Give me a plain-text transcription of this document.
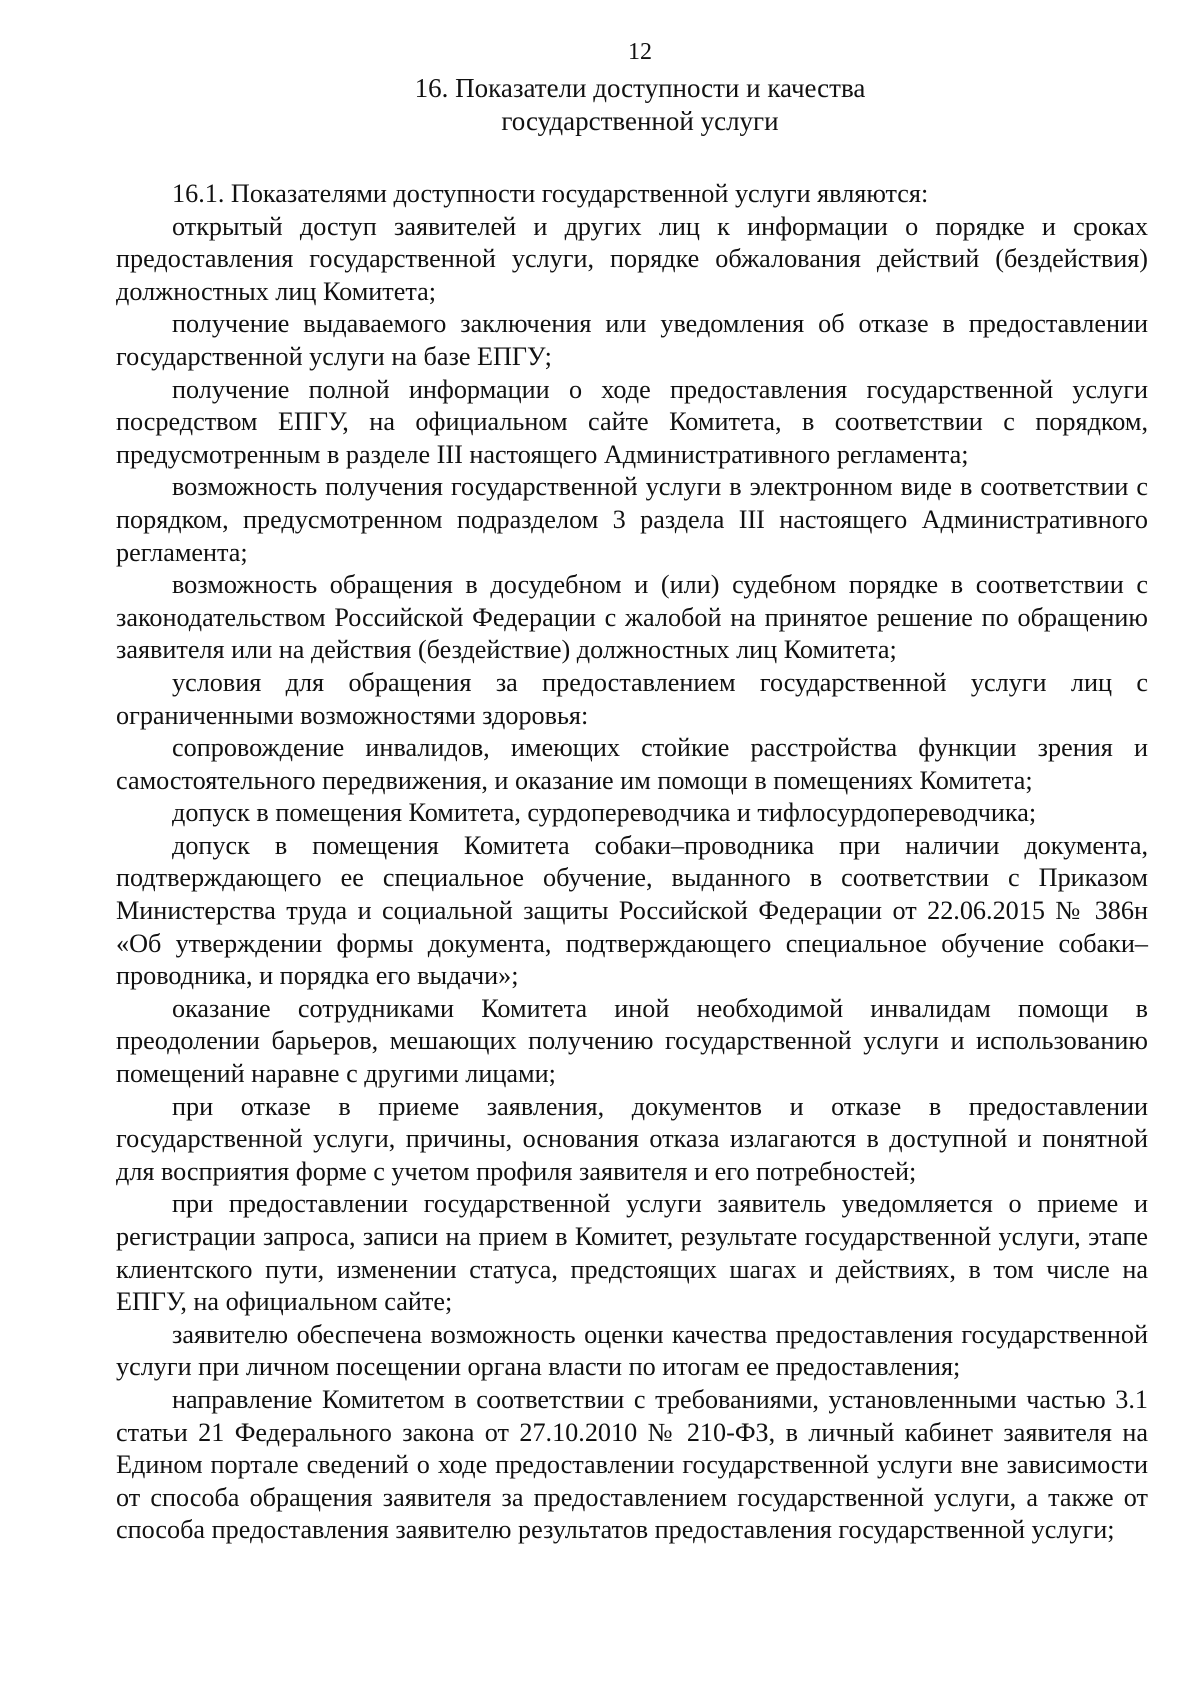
12
16. Показатели доступности и качества
государственной услуги

16.1. Показателями доступности государственной услуги являются:

открытый доступ заявителей и других лиц к информации о порядке и сроках предоставления государственной услуги, порядке обжалования действий (бездействия) должностных лиц Комитета;

получение выдаваемого заключения или уведомления об отказе в предоставлении государственной услуги на базе ЕПГУ;

получение полной информации о ходе предоставления государственной услуги посредством ЕПГУ, на официальном сайте Комитета, в соответствии с порядком, предусмотренным в разделе III настоящего Административного регламента;

возможность получения государственной услуги в электронном виде в соответствии с порядком, предусмотренном подразделом 3 раздела III настоящего Административного регламента;

возможность обращения в досудебном и (или) судебном порядке в соответствии с законодательством Российской Федерации с жалобой на принятое решение по обращению заявителя или на действия (бездействие) должностных лиц Комитета;

условия для обращения за предоставлением государственной услуги лиц с ограниченными возможностями здоровья:

сопровождение инвалидов, имеющих стойкие расстройства функции зрения и самостоятельного передвижения, и оказание им помощи в помещениях Комитета;

допуск в помещения Комитета, сурдопереводчика и тифлосурдопереводчика;

допуск в помещения Комитета собаки–проводника при наличии документа, подтверждающего ее специальное обучение, выданного в соответствии с Приказом Министерства труда и социальной защиты Российской Федерации от 22.06.2015 № 386н «Об утверждении формы документа, подтверждающего специальное обучение собаки–проводника, и порядка его выдачи»;

оказание сотрудниками Комитета иной необходимой инвалидам помощи в преодолении барьеров, мешающих получению государственной услуги и использованию помещений наравне с другими лицами;

при отказе в приеме заявления, документов и отказе в предоставлении государственной услуги, причины, основания отказа излагаются в доступной и понятной для восприятия форме с учетом профиля заявителя и его потребностей;

при предоставлении государственной услуги заявитель уведомляется о приеме и регистрации запроса, записи на прием в Комитет, результате государственной услуги, этапе клиентского пути, изменении статуса, предстоящих шагах и действиях, в том числе на ЕПГУ, на официальном сайте;

заявителю обеспечена возможность оценки качества предоставления государственной услуги при личном посещении органа власти по итогам ее предоставления;

направление Комитетом в соответствии с требованиями, установленными частью 3.1 статьи 21 Федерального закона от 27.10.2010 № 210-ФЗ, в личный кабинет заявителя на Едином портале сведений о ходе предоставлении государственной услуги вне зависимости от способа обращения заявителя за предоставлением государственной услуги, а также от способа предоставления заявителю результатов предоставления государственной услуги;
